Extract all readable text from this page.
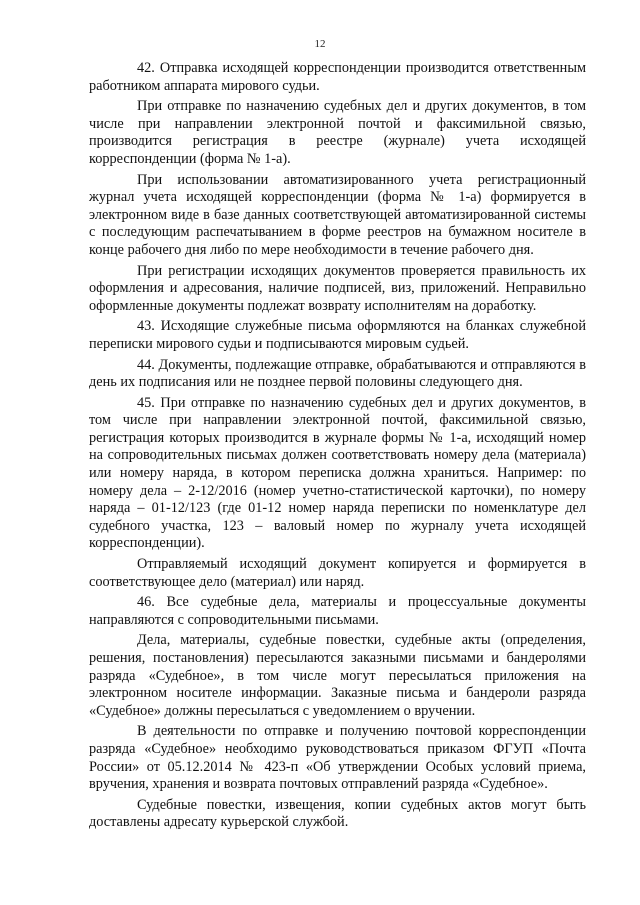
12

42. Отправка исходящей корреспонденции производится ответственным работником аппарата мирового судьи.

При отправке по назначению судебных дел и других документов, в том числе при направлении электронной почтой и факсимильной связью, производится регистрация в реестре (журнале) учета исходящей корреспонденции (форма № 1-а).

При использовании автоматизированного учета регистрационный журнал учета исходящей корреспонденции (форма № 1-а) формируется в электронном виде в базе данных соответствующей автоматизированной системы с последующим распечатыванием в форме реестров на бумажном носителе в конце рабочего дня либо по мере необходимости в течение рабочего дня.

При регистрации исходящих документов проверяется правильность их оформления и адресования, наличие подписей, виз, приложений. Неправильно оформленные документы подлежат возврату исполнителям на доработку.

43. Исходящие служебные письма оформляются на бланках служебной переписки мирового судьи и подписываются мировым судьей.

44. Документы, подлежащие отправке, обрабатываются и отправляются в день их подписания или не позднее первой половины следующего дня.

45. При отправке по назначению судебных дел и других документов, в том числе при направлении электронной почтой, факсимильной связью, регистрация которых производится в журнале формы № 1-а, исходящий номер на сопроводительных письмах должен соответствовать номеру дела (материала) или номеру наряда, в котором переписка должна храниться. Например: по номеру дела – 2-12/2016 (номер учетно-статистической карточки), по номеру наряда – 01-12/123 (где 01-12 номер наряда переписки по номенклатуре дел судебного участка, 123 – валовый номер по журналу учета исходящей корреспонденции).

Отправляемый исходящий документ копируется и формируется в соответствующее дело (материал) или наряд.

46. Все судебные дела, материалы и процессуальные документы направляются с сопроводительными письмами.

Дела, материалы, судебные повестки, судебные акты (определения, решения, постановления) пересылаются заказными письмами и бандеролями разряда «Судебное», в том числе могут пересылаться приложения на электронном носителе информации. Заказные письма и бандероли разряда «Судебное» должны пересылаться с уведомлением о вручении.

В деятельности по отправке и получению почтовой корреспонденции разряда «Судебное» необходимо руководствоваться приказом ФГУП «Почта России» от 05.12.2014 № 423-п «Об утверждении Особых условий приема, вручения, хранения и возврата почтовых отправлений разряда «Судебное».

Судебные повестки, извещения, копии судебных актов могут быть доставлены адресату курьерской службой.
